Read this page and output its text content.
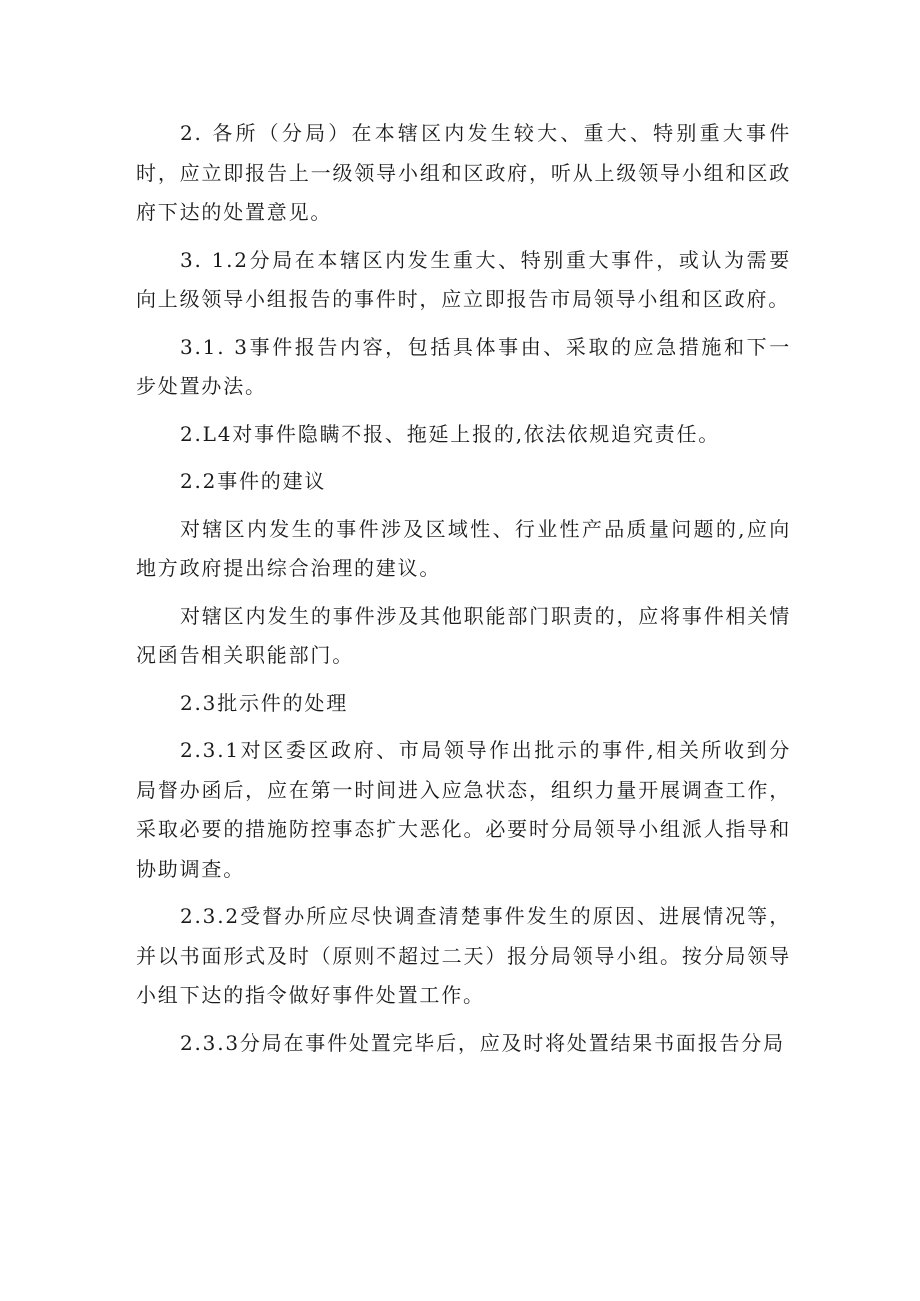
2. 各所（分局）在本辖区内发生较大、重大、特别重大事件时，应立即报告上一级领导小组和区政府，听从上级领导小组和区政府下达的处置意见。

3. 1.2分局在本辖区内发生重大、特别重大事件，或认为需要向上级领导小组报告的事件时，应立即报告市局领导小组和区政府。

3.1. 3事件报告内容，包括具体事由、采取的应急措施和下一步处置办法。

2.L4对事件隐瞒不报、拖延上报的,依法依规追究责任。

2.2事件的建议

对辖区内发生的事件涉及区域性、行业性产品质量问题的,应向地方政府提出综合治理的建议。

对辖区内发生的事件涉及其他职能部门职责的，应将事件相关情况函告相关职能部门。

2.3批示件的处理

2.3.1对区委区政府、市局领导作出批示的事件,相关所收到分局督办函后，应在第一时间进入应急状态，组织力量开展调查工作，采取必要的措施防控事态扩大恶化。必要时分局领导小组派人指导和协助调查。

2.3.2受督办所应尽快调查清楚事件发生的原因、进展情况等，并以书面形式及时（原则不超过二天）报分局领导小组。按分局领导小组下达的指令做好事件处置工作。

2.3.3分局在事件处置完毕后，应及时将处置结果书面报告分局
